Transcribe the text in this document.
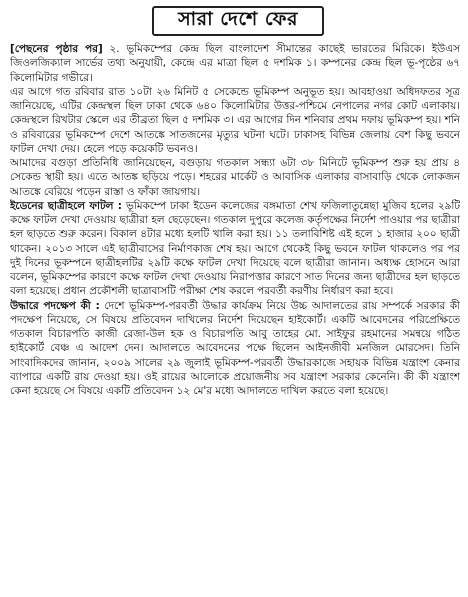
সারা দেশে ফের

[পেছনের পৃষ্ঠার পর] ২. ভূমিকম্পের কেন্দ্র ছিল বাংলাদেশ সীমান্তের কাছেই ভারতের মিরিকে। ইউএস জিওলজিক্যাল সার্ভের তথ্য অনুযায়ী, কেন্দ্রে এর মাত্রা ছিল ৫ দশমিক ১। কম্পনের কেন্দ্র ছিল ভূ-পৃষ্ঠের ৬৭ কিলোমিটার গভীরে।

এর আগে গত রবিবার রাত ১০টা ২৬ মিনিট ৫ সেকেন্ডে ভূমিকম্প অনুভূত হয়। আবহাওয়া অধিদফতর সূত্র জানিয়েছে, এটির কেন্দ্রস্থল ছিল ঢাকা থেকে ৬৪০ কিলোমিটার উত্তর-পশ্চিমে নেপালের নগর কোট এলাকায়। কেন্দ্রস্থলে রিখটার স্কেলে এর তীব্রতা ছিল ৫ দশমিক ৩। এর আগের দিন শনিবার প্রথম দফায় ভূমিকম্প হয়। শনি ও রবিবারের ভূমিকম্পে দেশে আতঙ্কে সাতজনের মৃত্যুর ঘটনা ঘটে। ঢাকাসহ বিভিন্ন জেলায় বেশ কিছু ভবনে ফাটল দেখা দেয়। হেলে পড়ে কয়েকটি ভবনও।

আমাদের বগুড়া প্রতিনিধি জানিয়েছেন, বগুড়ায় গতকাল সন্ধ্যা ৬টা ৩৮ মিনিটে ভূমিকম্প শুরু হয় প্রায় ৪ সেকেন্ড স্থায়ী হয়। এতে আতঙ্ক ছড়িয়ে পড়ে। শহরের মার্কেট ও আবাসিক এলাকার বাসাবাড়ি থেকে লোকজন আতঙ্কে বেরিয়ে পড়েন রাস্তা ও ফাঁকা জায়গায়।

ইডেনের ছাত্রীহলে ফাটল : ভূমিকম্পে ঢাকা ইডেন কলেজের বঙ্গমাতা শেখ ফজিলাতুন্নেছা মুজিব হলের ২৯টি কক্ষে ফাটল দেখা দেওয়ায় ছাত্রীরা হল ছেড়েছেন। গতকাল দুপুরে কলেজ কর্তৃপক্ষের নির্দেশ পাওয়ার পর ছাত্রীরা হল ছাড়তে শুরু করেন। বিকাল ৪টার মধ্যে হলটি খালি করা হয়। ১১ তলাবিশিষ্ট এই হলে ১ হাজার ২০০ ছাত্রী থাকেন। ২০১৩ সালে এই ছাত্রীবাসের নির্মাণকাজ শেষ হয়। আগে থেকেই কিছু ভবনে ফাটল থাকলেও পর পর দুই দিনের ভূকম্পনে ছাত্রীহলটির ২৯টি কক্ষে ফাটল দেখা দিয়েছে বলে ছাত্রীরা জানান। অধ্যক্ষ হোসনে আরা বলেন, ভূমিকম্পের কারণে কক্ষে ফাটল দেখা দেওয়ায় নিরাপত্তার কারণে সাত দিনের জন্য ছাত্রীদের হল ছাড়তে বলা হয়েছে। প্রধান প্রকৌশলী ছাত্রাবাসটি পরীক্ষা শেষ করলে পরবর্তী করণীয় নির্ধারণ করা হবে।

উদ্ধারে পদক্ষেপ কী : দেশে ভূমিকম্প-পরবর্তী উদ্ধার কার্যক্রম নিয়ে উচ্চ আদালতের রায় সম্পর্কে সরকার কী পদক্ষেপ নিয়েছে, সে বিষয়ে প্রতিবেদন দাখিলের নির্দেশ দিয়েছেন হাইকোর্ট। একটি আবেদনের পরিপ্রেক্ষিতে গতকাল বিচারপতি কাজী রেজা-উল হক ও বিচারপতি আবু তাহের মো. সাইফুর রহমানের সমন্বয়ে গঠিত হাইকোর্ট বেঞ্চ এ আদেশ দেন। আদালতে আবেদনের পক্ষে ছিলেন আইনজীবী মনজিল মোরসেদ। তিনি সাংবাদিকদের জানান, ২০০৯ সালের ২৯ জুলাই ভূমিকম্প-পরবর্তী উদ্ধারকাজে সহায়ক বিভিন্ন যন্ত্রাংশ কেনার ব্যাপারে একটি রায় দেওয়া হয়। ওই রায়ের আলোকে প্রয়োজনীয় সব যন্ত্রাংশ সরকার কেনেনি। কী কী যন্ত্রাংশ কেনা হয়েছে সে বিষয়ে একটি প্রতিবেদন ১২ মে'র মধ্যে আদালতে দাখিল করতে বলা হয়েছে।
